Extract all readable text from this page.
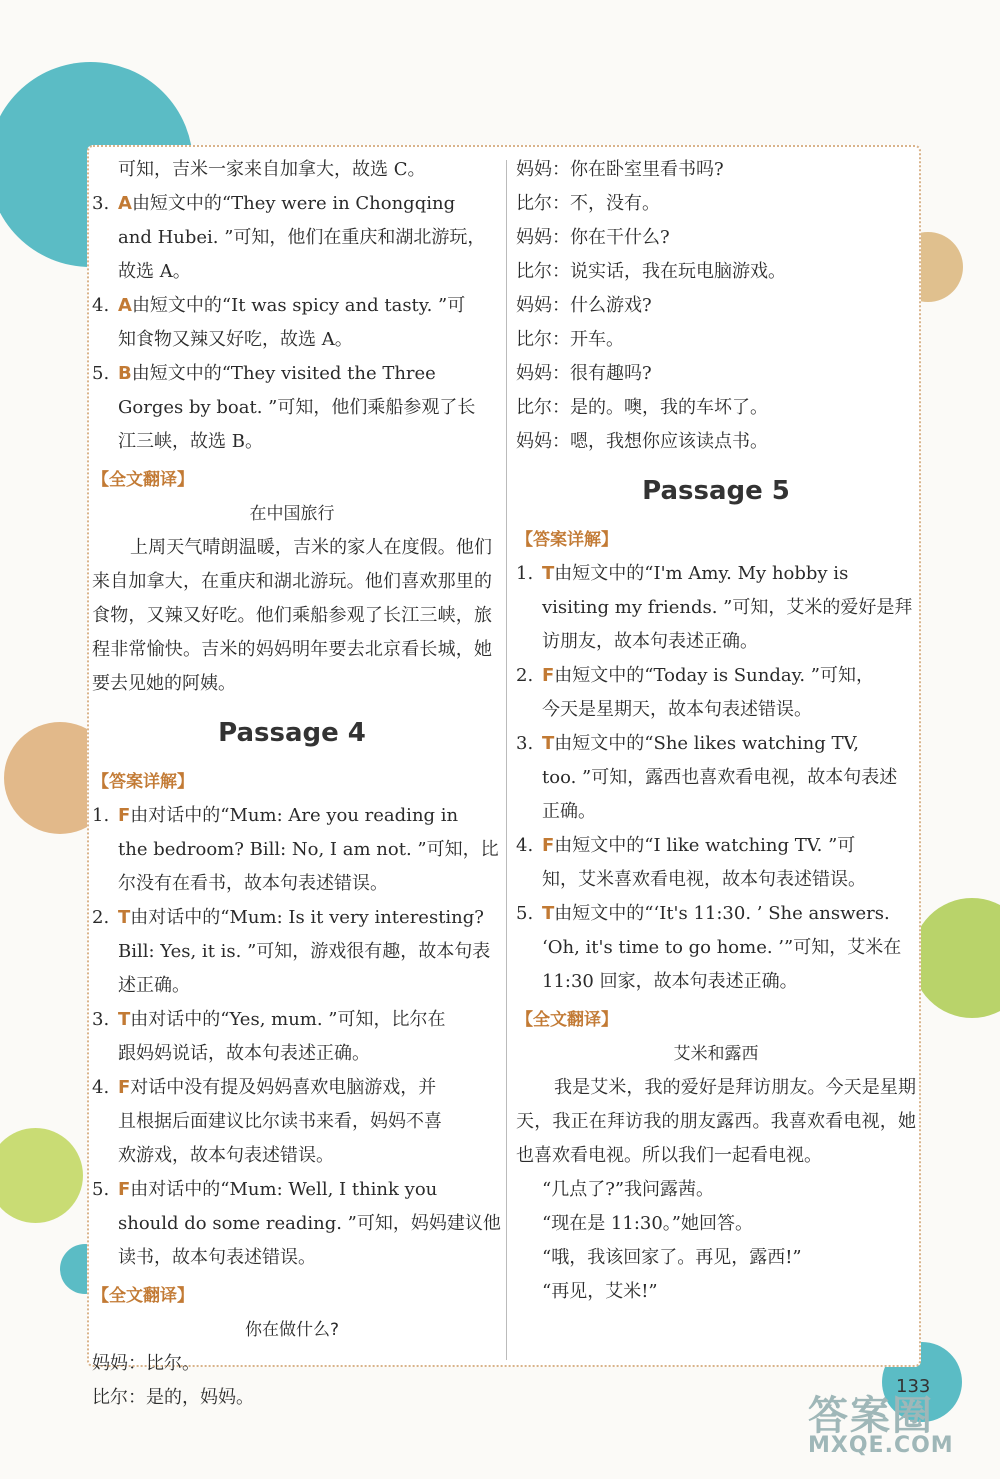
可知，吉米一家来自加拿大，故选 C。
3. A由短文中的“They were in Chongqing
and Hubei. ”可知，他们在重庆和湖北游玩，
故选 A。
4. A由短文中的“It was spicy and tasty. ”可
知食物又辣又好吃，故选 A。
5. B由短文中的“They visited the Three
Gorges by boat. ”可知，他们乘船参观了长
江三峡，故选 B。
【全文翻译】
在中国旅行
上周天气晴朗温暖，吉米的家人在度假。他们来自加拿大，在重庆和湖北游玩。他们喜欢那里的食物，又辣又好吃。他们乘船参观了长江三峡，旅程非常愉快。吉米的妈妈明年要去北京看长城，她要去见她的阿姨。
Passage 4
【答案详解】
1. F由对话中的“Mum: Are you reading in
the bedroom? Bill: No, I am not. ”可知，比
尔没有在看书，故本句表述错误。
2. T由对话中的“Mum: Is it very interesting?
Bill: Yes, it is. ”可知，游戏很有趣，故本句表
述正确。
3. T由对话中的“Yes, mum. ”可知，比尔在
跟妈妈说话，故本句表述正确。
4. F对话中没有提及妈妈喜欢电脑游戏，并
且根据后面建议比尔读书来看，妈妈不喜
欢游戏，故本句表述错误。
5. F由对话中的“Mum: Well, I think you
should do some reading. ”可知，妈妈建议他
读书，故本句表述错误。
【全文翻译】
你在做什么?
妈妈：比尔。
比尔：是的，妈妈。
妈妈：你在卧室里看书吗?
比尔：不，没有。
妈妈：你在干什么?
比尔：说实话，我在玩电脑游戏。
妈妈：什么游戏?
比尔：开车。
妈妈：很有趣吗?
比尔：是的。噢，我的车坏了。
妈妈：嗯，我想你应该读点书。
Passage 5
【答案详解】
1. T由短文中的“I'm Amy. My hobby is
visiting my friends. ”可知，艾米的爱好是拜
访朋友，故本句表述正确。
2. F由短文中的“Today is Sunday. ”可知，
今天是星期天，故本句表述错误。
3. T由短文中的“She likes watching TV,
too. ”可知，露西也喜欢看电视，故本句表述
正确。
4. F由短文中的“I like watching TV. ”可
知，艾米喜欢看电视，故本句表述错误。
5. T由短文中的“‘It's 11:30. ’ She answers.
‘Oh, it's time to go home. ’”可知，艾米在
11:30 回家，故本句表述正确。
【全文翻译】
艾米和露西
我是艾米，我的爱好是拜访朋友。今天是星期天，我正在拜访我的朋友露西。我喜欢看电视，她也喜欢看电视。所以我们一起看电视。
“几点了?”我问露茜。
“现在是 11:30。”她回答。
“哦，我该回家了。再见，露西!”
“再见，艾米!”
133
答案圈
MXQE.COM
